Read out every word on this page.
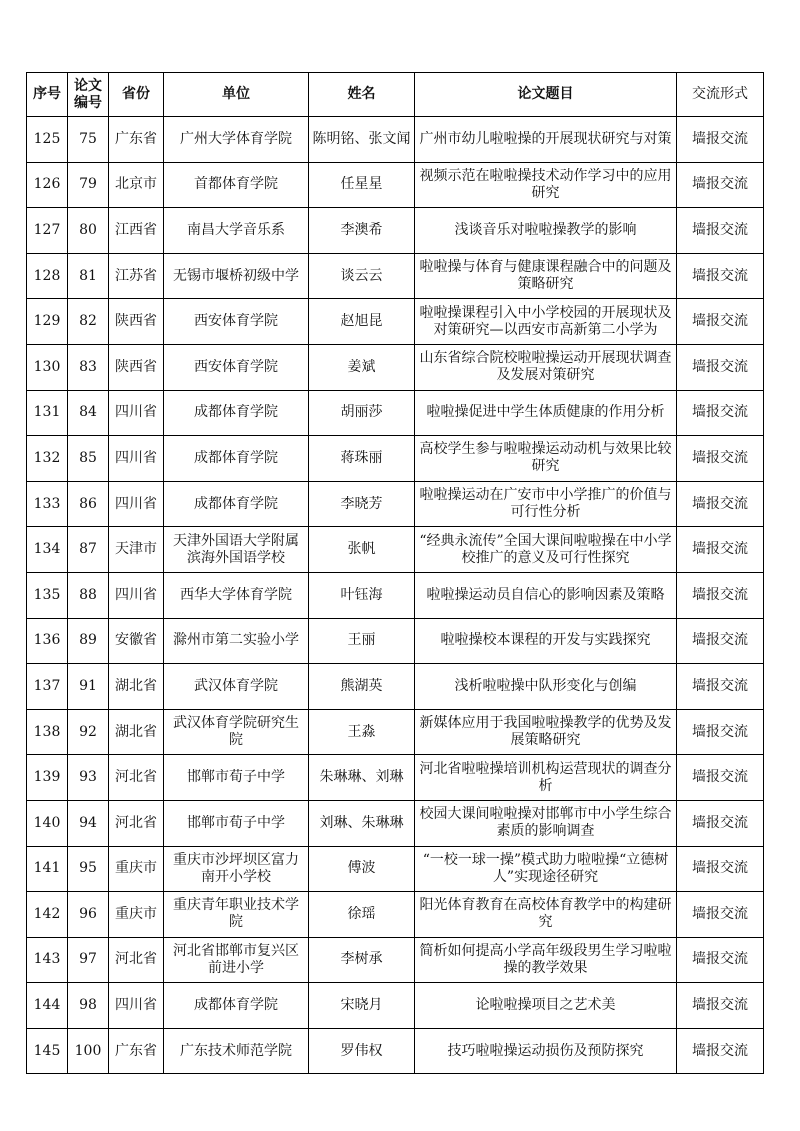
序号	论文编号	省份	单位	姓名	论文题目	交流形式

125	75	广东省	广州大学体育学院	陈明铭、张文闻	广州市幼儿啦啦操的开展现状研究与对策	墙报交流

126	79	北京市	首都体育学院	任星星	视频示范在啦啦操技术动作学习中的应用研究	墙报交流

127	80	江西省	南昌大学音乐系	李澳希	浅谈音乐对啦啦操教学的影响	墙报交流

128	81	江苏省	无锡市堰桥初级中学	谈云云	啦啦操与体育与健康课程融合中的问题及策略研究	墙报交流

129	82	陕西省	西安体育学院	赵旭昆	啦啦操课程引入中小学校园的开展现状及对策研究—以西安市高新第二小学为	墙报交流

130	83	陕西省	西安体育学院	姜斌	山东省综合院校啦啦操运动开展现状调查及发展对策研究	墙报交流

131	84	四川省	成都体育学院	胡丽莎	啦啦操促进中学生体质健康的作用分析	墙报交流

132	85	四川省	成都体育学院	蒋珠丽	高校学生参与啦啦操运动动机与效果比较研究	墙报交流

133	86	四川省	成都体育学院	李晓芳	啦啦操运动在广安市中小学推广的价值与可行性分析	墙报交流

134	87	天津市	天津外国语大学附属滨海外国语学校	张帆	“经典永流传”全国大课间啦啦操在中小学校推广的意义及可行性探究	墙报交流

135	88	四川省	西华大学体育学院	叶钰海	啦啦操运动员自信心的影响因素及策略	墙报交流

136	89	安徽省	滁州市第二实验小学	王丽	啦啦操校本课程的开发与实践探究	墙报交流

137	91	湖北省	武汉体育学院	熊湖英	浅析啦啦操中队形变化与创编	墙报交流

138	92	湖北省	武汉体育学院研究生院	王淼	新媒体应用于我国啦啦操教学的优势及发展策略研究	墙报交流

139	93	河北省	邯郸市荀子中学	朱琳琳、刘琳	河北省啦啦操培训机构运营现状的调查分析	墙报交流

140	94	河北省	邯郸市荀子中学	刘琳、朱琳琳	校园大课间啦啦操对邯郸市中小学生综合素质的影响调查	墙报交流

141	95	重庆市	重庆市沙坪坝区富力南开小学校	傅波	“一校一球一操”模式助力啦啦操“立德树人”实现途径研究	墙报交流

142	96	重庆市	重庆青年职业技术学院	徐瑶	阳光体育教育在高校体育教学中的构建研究	墙报交流

143	97	河北省	河北省邯郸市复兴区前进小学	李树承	简析如何提高小学高年级段男生学习啦啦操的教学效果	墙报交流

144	98	四川省	成都体育学院	宋晓月	论啦啦操项目之艺术美	墙报交流

145	100	广东省	广东技术师范学院	罗伟权	技巧啦啦操运动损伤及预防探究	墙报交流
